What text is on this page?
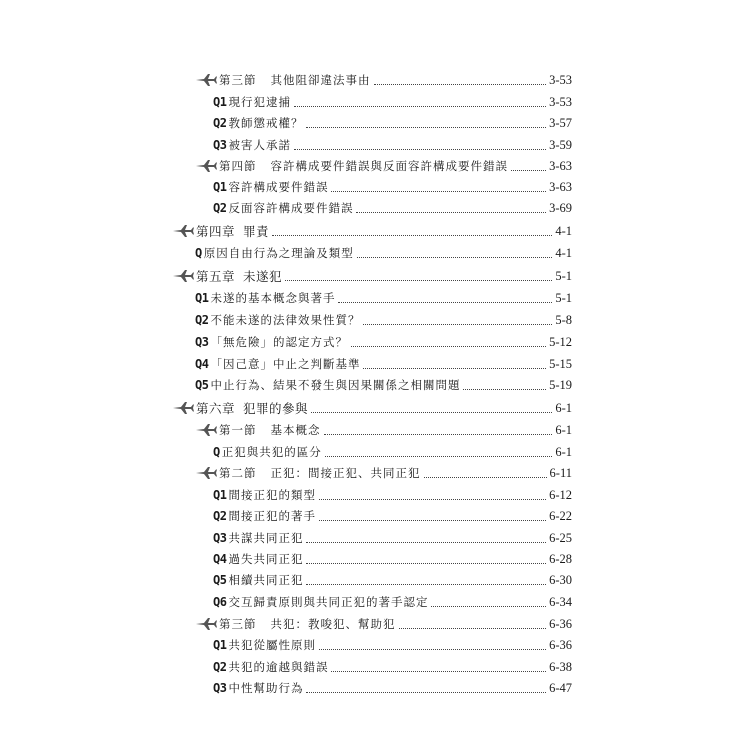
第三節 其他阻卻違法事由	3-53
Q1 現行犯逮捕	3-53
Q2 教師懲戒權？	3-57
Q3 被害人承諾	3-59
第四節 容許構成要件錯誤與反面容許構成要件錯誤	3-63
Q1 容許構成要件錯誤	3-63
Q2 反面容許構成要件錯誤	3-69
第四章 罪責	4-1
Q 原因自由行為之理論及類型	4-1
第五章 未遂犯	5-1
Q1 未遂的基本概念與著手	5-1
Q2 不能未遂的法律效果性質？	5-8
Q3 「無危險」的認定方式？	5-12
Q4 「因己意」中止之判斷基準	5-15
Q5 中止行為、結果不發生與因果關係之相關問題	5-19
第六章 犯罪的參與	6-1
第一節 基本概念	6-1
Q 正犯與共犯的區分	6-1
第二節 正犯：間接正犯、共同正犯	6-11
Q1 間接正犯的類型	6-12
Q2 間接正犯的著手	6-22
Q3 共謀共同正犯	6-25
Q4 過失共同正犯	6-28
Q5 相續共同正犯	6-30
Q6 交互歸責原則與共同正犯的著手認定	6-34
第三節 共犯：教唆犯、幫助犯	6-36
Q1 共犯從屬性原則	6-36
Q2 共犯的逾越與錯誤	6-38
Q3 中性幫助行為	6-47
